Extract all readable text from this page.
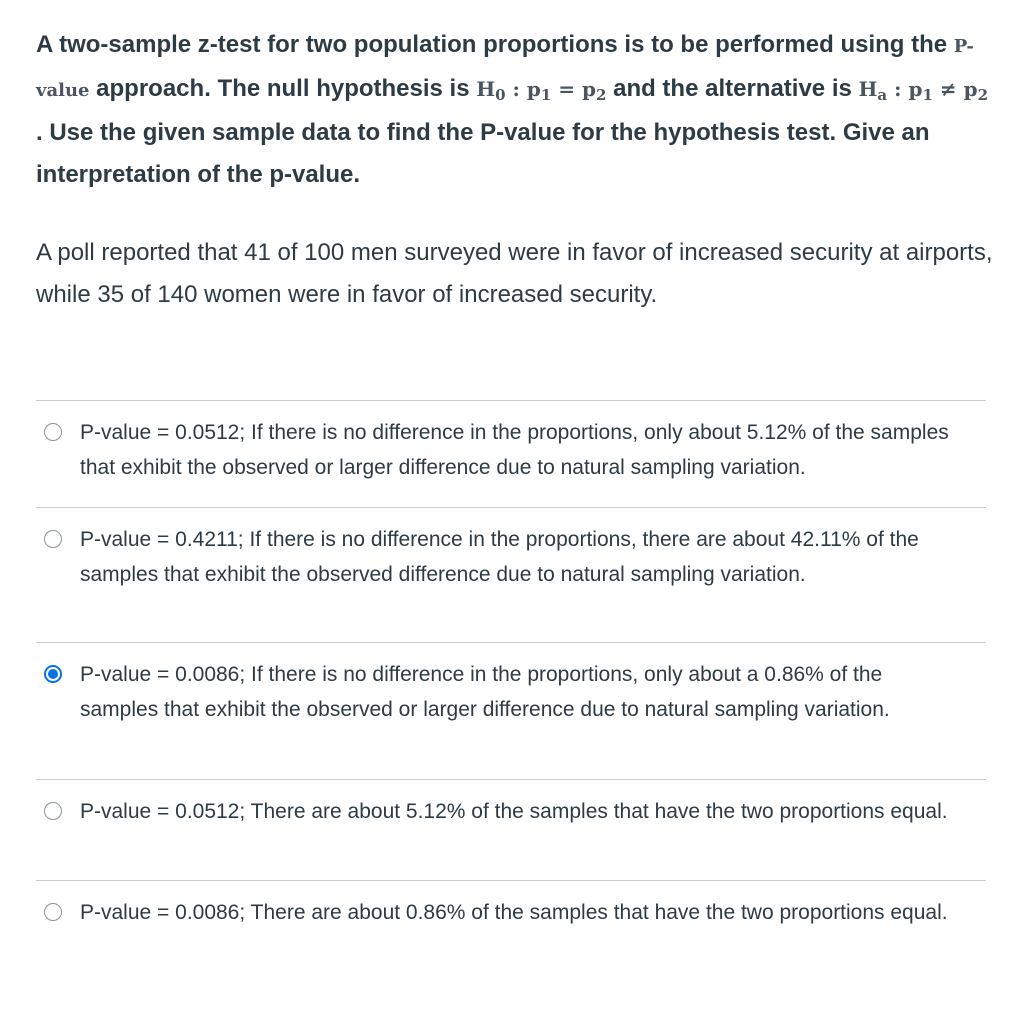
A two-sample z-test for two population proportions is to be performed using the P-value approach. The null hypothesis is $H_0$ : $p_1 = p_2$ and the alternative is $H_a$ : $p_1 \ne p_2$ . Use the given sample data to find the P-value for the hypothesis test. Give an interpretation of the p-value.
A poll reported that 41 of 100 men surveyed were in favor of increased security at airports, while 35 of 140 women were in favor of increased security.
P-value = 0.0512; If there is no difference in the proportions, only about 5.12% of the samples that exhibit the observed or larger difference due to natural sampling variation.
P-value = 0.4211; If there is no difference in the proportions, there are about 42.11% of the samples that exhibit the observed difference due to natural sampling variation.
P-value = 0.0086; If there is no difference in the proportions, only about a 0.86% of the samples that exhibit the observed or larger difference due to natural sampling variation.
P-value = 0.0512; There are about 5.12% of the samples that have the two proportions equal.
P-value = 0.0086; There are about 0.86% of the samples that have the two proportions equal.
